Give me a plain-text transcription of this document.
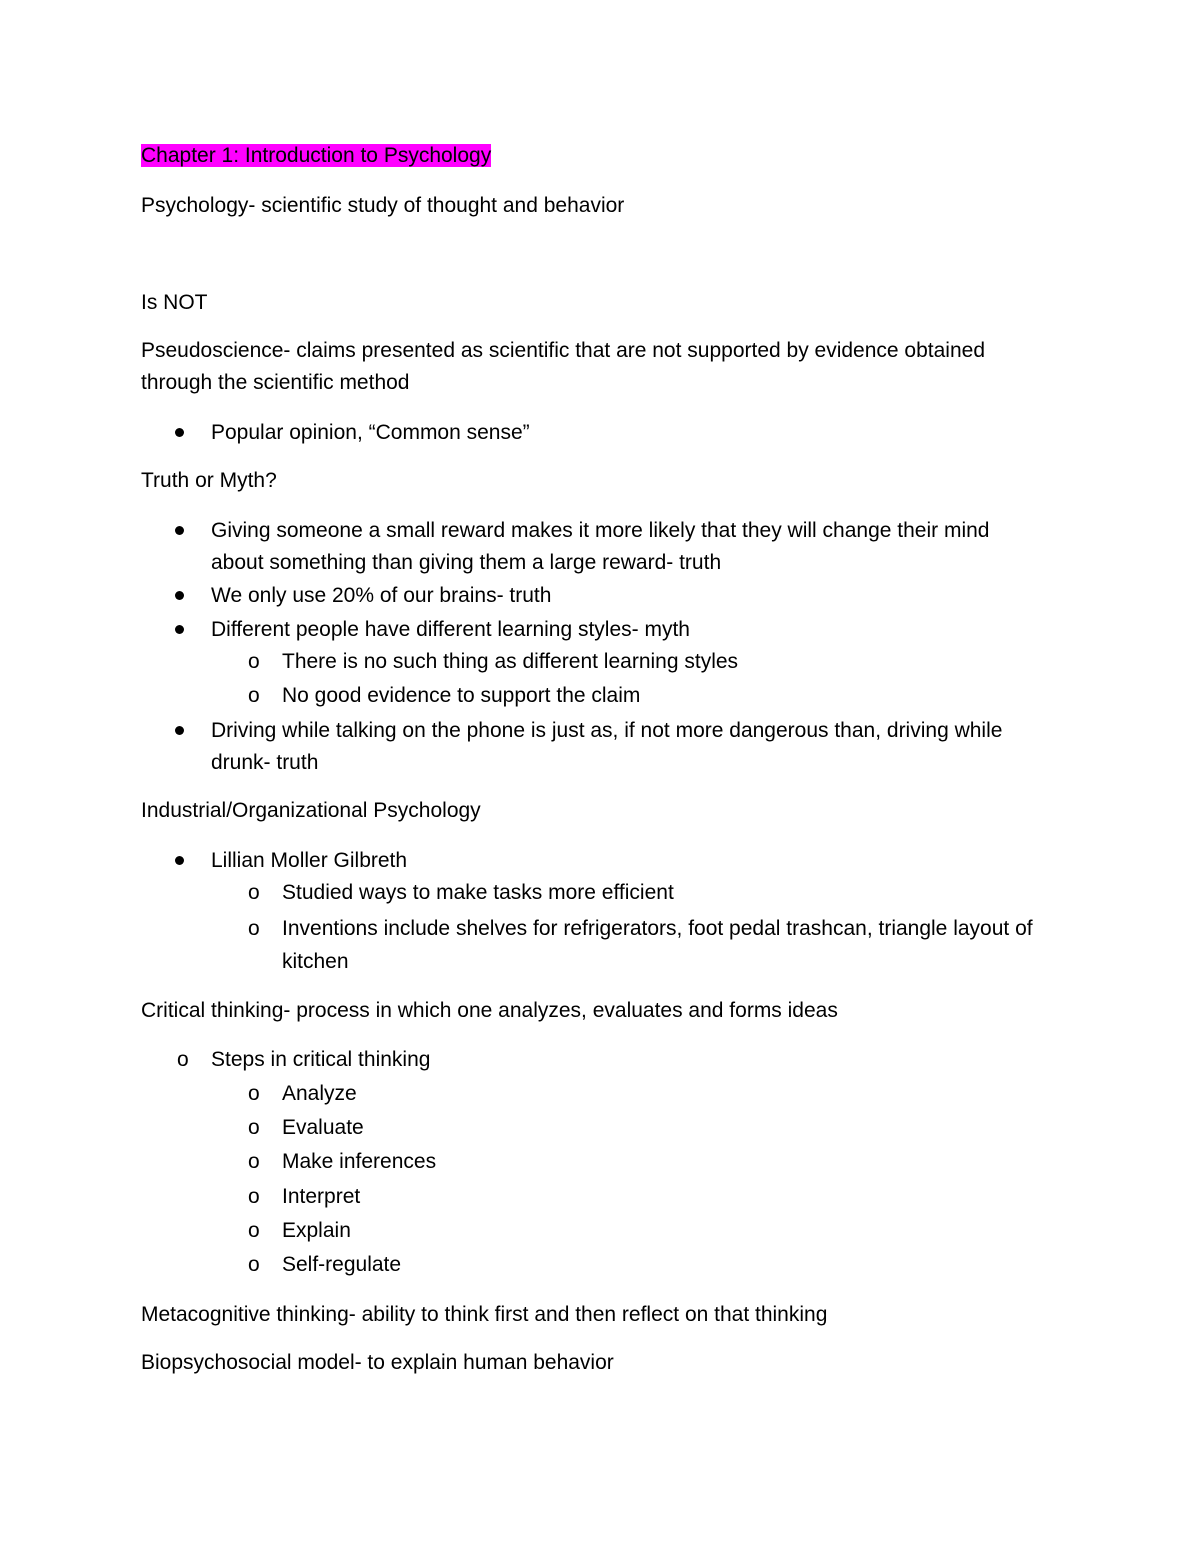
Chapter 1: Introduction to Psychology
Psychology- scientific study of thought and behavior
Is NOT
Pseudoscience- claims presented as scientific that are not supported by evidence obtained
through the scientific method
Popular opinion, “Common sense”
Truth or Myth?
Giving someone a small reward makes it more likely that they will change their mind
about something than giving them a large reward- truth
We only use 20% of our brains- truth
Different people have different learning styles- myth
o There is no such thing as different learning styles
o No good evidence to support the claim
Driving while talking on the phone is just as, if not more dangerous than, driving while
drunk- truth
Industrial/Organizational Psychology
Lillian Moller Gilbreth
o Studied ways to make tasks more efficient
o Inventions include shelves for refrigerators, foot pedal trashcan, triangle layout of
kitchen
Critical thinking- process in which one analyzes, evaluates and forms ideas
o Steps in critical thinking
o Analyze
o Evaluate
o Make inferences
o Interpret
o Explain
o Self-regulate
Metacognitive thinking- ability to think first and then reflect on that thinking
Biopsychosocial model- to explain human behavior
